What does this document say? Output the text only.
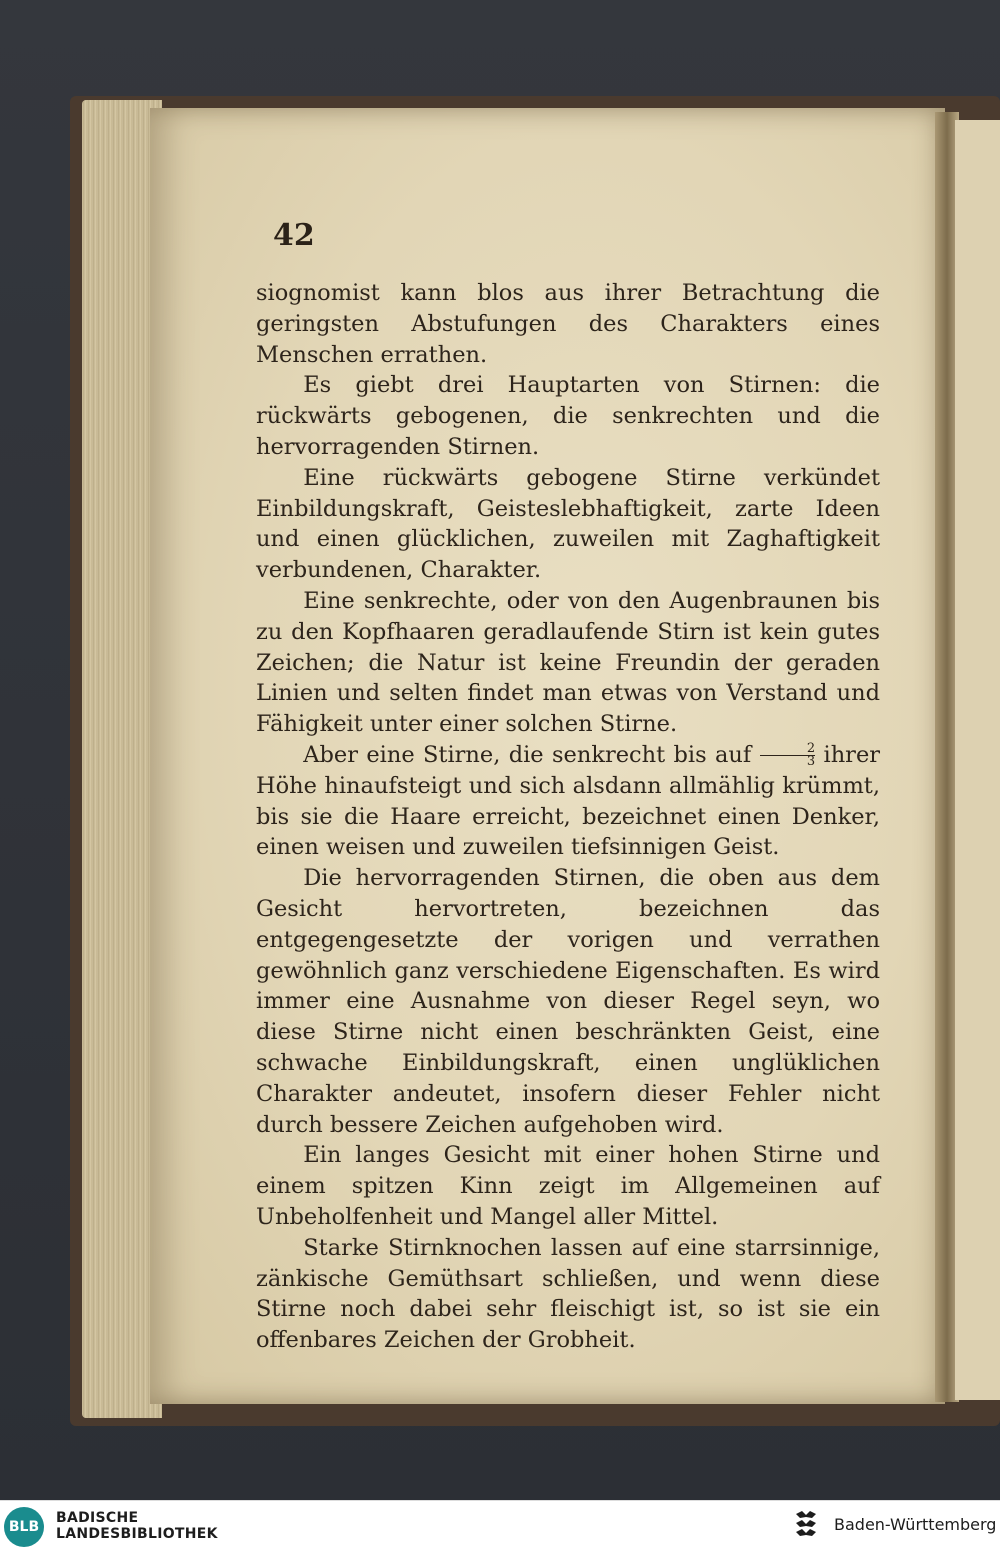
42

siognomist kann blos aus ihrer Betrachtung die geringsten Abstufungen des Charakters eines Menschen errathen.

Es giebt drei Hauptarten von Stirnen: die rückwärts gebogenen, die senkrechten und die hervorragenden Stirnen.

Eine rückwärts gebogene Stirne verkündet Einbildungskraft, Geisteslebhaftigkeit, zarte Ideen und einen glücklichen, zuweilen mit Zaghaftigkeit verbundenen, Charakter.

Eine senkrechte, oder von den Augenbraunen bis zu den Kopfhaaren geradlaufende Stirn ist kein gutes Zeichen; die Natur ist keine Freundin der geraden Linien und selten findet man etwas von Verstand und Fähigkeit unter einer solchen Stirne.

Aber eine Stirne, die senkrecht bis auf $\frac{2}{3}$ ihrer Höhe hinaufsteigt und sich alsdann allmählig krümmt, bis sie die Haare erreicht, bezeichnet einen Denker, einen weisen und zuweilen tiefsinnigen Geist.

Die hervorragenden Stirnen, die oben aus dem Gesicht hervortreten, bezeichnen das entgegengesetzte der vorigen und verrathen gewöhnlich ganz verschiedene Eigenschaften. Es wird immer eine Ausnahme von dieser Regel seyn, wo diese Stirne nicht einen beschränkten Geist, eine schwache Einbildungskraft, einen unglüklichen Charakter andeutet, insofern dieser Fehler nicht durch bessere Zeichen aufgehoben wird.

Ein langes Gesicht mit einer hohen Stirne und einem spitzen Kinn zeigt im Allgemeinen auf Unbeholfenheit und Mangel aller Mittel.

Starke Stirnknochen lassen auf eine starrsinnige, zänkische Gemüthsart schließen, und wenn diese Stirne noch dabei sehr fleischigt ist, so ist sie ein offenbares Zeichen der Grobheit.

BLB
BADISCHE
LANDESBIBLIOTHEK	Baden-Württemberg
